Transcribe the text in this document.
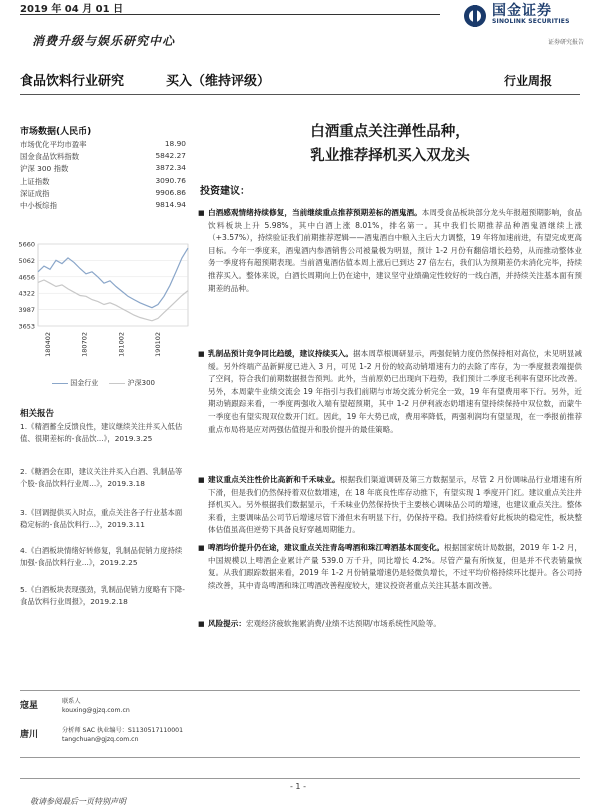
2019 年 04 月 01 日	国金证券
SINOLINK SECURITIES
证券研究报告
消费升级与娱乐研究中心
食品饮料行业研究	买入（维持评级）	行业周报
市场数据(人民币)
市场优化平均市盈率	18.90
国金食品饮料指数	5842.27
沪深 300 指数	3872.34
上证指数	3090.76
深证成指	9906.86
中小板综指	9814.94
5660
5062
4656
4322
3987
3653
180402	180702	181002	190102
国金行业	沪深300
相关报告
1.《精酒蓄全反馈良性，建议继续关注并买入低估值、很期差标的-食品饮...》，2019.3.25
2.《糖酒会在即，建议关注并买入白酒、乳制品等个股-食品饮料行业周...》，2019.3.18
3.《回调提供买入时点，重点关注各子行业基本面稳定标的-食品饮料行...》，2019.3.11
4.《白酒板块情绪好转修复，乳制品促销力度持续加强-食品饮料行业...》，2019.2.25
5.《白酒板块表现强劲，乳制品促销力度略有下降-食品饮料行业周报》，2019.2.18
寇星	联系人
kouxing@gjzq.com.cn
唐川	分析师 SAC 执业编号：S1130517110001
tangchuan@gjzq.com.cn
白酒重点关注弹性品种，
乳业推荐择机买入双龙头
投资建议：
■ 白酒感观情绪持续修复，当前继续重点推荐预期差标的酒鬼酒。本周受食品板块部分龙头年报超预期影响，食品饮料板块上升 5.98%，其中白酒上涨 8.01%，排名第一。其中我们长期推荐品种酒鬼酒继续上涨（+3.57%），持续验证我们前期推荐逻辑——酒鬼酒自中粮入主后大力调整，19 年将加速前进，有望完成更高目标。今年一季度来，酒鬼酒内参酒销售公司被量极为明显，预计 1-2 月份有翻倍增长趋势，从而推动整体业务一季度将有超预期表现。当前酒鬼酒估值本周上涨后已到达 27 倍左右，我们认为预期差仍未消化完毕，持续推荐买入。整体来说，白酒长周期向上仍在途中，建议坚守业绩确定性较好的一线白酒，并持续关注基本面有预期差的品种。
■ 乳制品预计竞争同比趋缓，建议持续买入。据本周草根调研显示，两强促销力度仍然保持相对高位，未见明显减缓。另外终端产品新鲜度已进入 3 月，可见 1-2 月份的较高动销增速有力的去除了库存，为一季度报表端提供了空间，符合我们前期数据报告预判。此外，当前原奶已出现向下趋势，我们预计二季度毛利率有望环比改善。另外，本周蒙牛业绩交流会 19 年指引与我们前期与市场交流分析完全一致，19 年有望费用率下行。另外，近期动销跟踪来看，一季度两强收入端有望超预期，其中 1-2 月伊利液态奶增速有望持续保持中双位数，而蒙牛一季度也有望实现双位数开门红。因此，19 年大势已成，费用率降低，两强利润均有望显现，在一季报前推荐重点布局将是应对两强估值提升和股价提升的最佳策略。
■ 建议重点关注性价比高新和千禾味业。根据我们渠道调研及第三方数据显示，尽管 2 月份调味品行业增速有所下滑，但是我们仍然保持着双位数增速，在 18 年底良性库存动推下，有望实现 1 季度开门红。建议重点关注并择机买入。另外根据我们数据显示，千禾味业仍然保持快于主要核心调味品公司的增速，也建议重点关注。整体来看，主要调味品公司节后增速尽管下滑但未有明显下行，仍保持平稳。我们持续看好此板块的稳定性，板块整体估值虽高但逆势下具备良好穿越周期能力。
■ 啤酒均价提升仍在途，建议重点关注青岛啤酒和珠江啤酒基本面变化。根据国家统计局数据，2019 年 1-2 月，中国规模以上啤酒企业累计产量 539.0 万千升，同比增长 4.2%。尽管产量有所恢复，但是并不代表销量恢复。从我们跟踪数据来看，2019 年 1-2 月份销量增速仍是轻微负增长，不过平均价格持续环比提升。各公司持续改善，其中青岛啤酒和珠江啤酒改善程度较大，建议投资者重点关注其基本面改善。
■ 风险提示：宏观经济疲软拖累消费/业绩不达预期/市场系统性风险等。
- 1 -
敬请参阅最后一页特别声明
